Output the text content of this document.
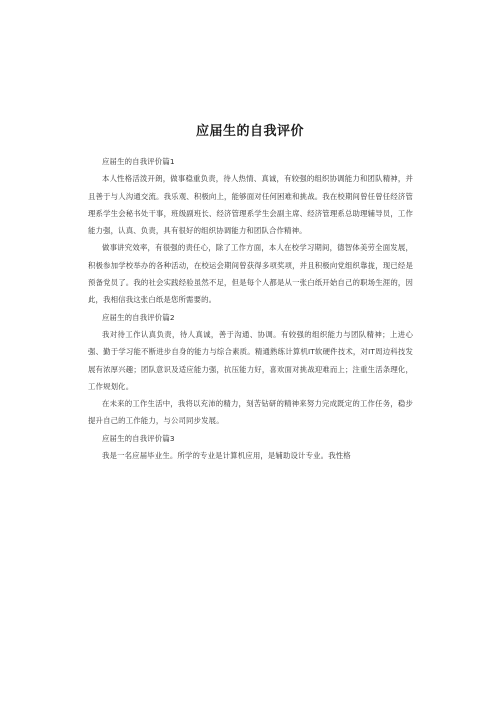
应届生的自我评价

应届生的自我评价篇1

本人性格活泼开朗，做事稳重负责，待人热情、真诚，有较强的组织协调能力和团队精神，并且善于与人沟通交流。我乐观、积极向上，能够面对任何困难和挑战。我在校期间曾任曾任经济管理系学生会秘书处干事，班级副班长、经济管理系学生会副主席、经济管理系总助理辅导员，工作能力强，认真、负责，具有很好的组织协调能力和团队合作精神。

做事讲究效率，有很强的责任心，除了工作方面，本人在校学习期间，德智体美劳全面发展，积极参加学校举办的各种活动，在校运会期间曾获得多项奖项，并且积极向党组织靠拢，现已经是预备党员了。我的社会实践经验虽然不足，但是每个人都是从一张白纸开始自己的职场生涯的，因此，我相信我这张白纸是您所需要的。

应届生的自我评价篇2

我对待工作认真负责，待人真诚，善于沟通、协调。有较强的组织能力与团队精神；上进心强、勤于学习能不断进步自身的能力与综合素质。精通熟练计算机IT软硬件技术，对IT周边科技发展有浓厚兴趣；团队意识及适应能力强，抗压能力好，喜欢面对挑战迎难而上；注重生活条理化，工作规划化。

在未来的工作生活中，我将以充沛的精力，刻苦钻研的精神来努力完成既定的工作任务，稳步提升自己的工作能力，与公司同步发展。

应届生的自我评价篇3

我是一名应届毕业生。所学的专业是计算机应用，是辅助设计专业。我性格
